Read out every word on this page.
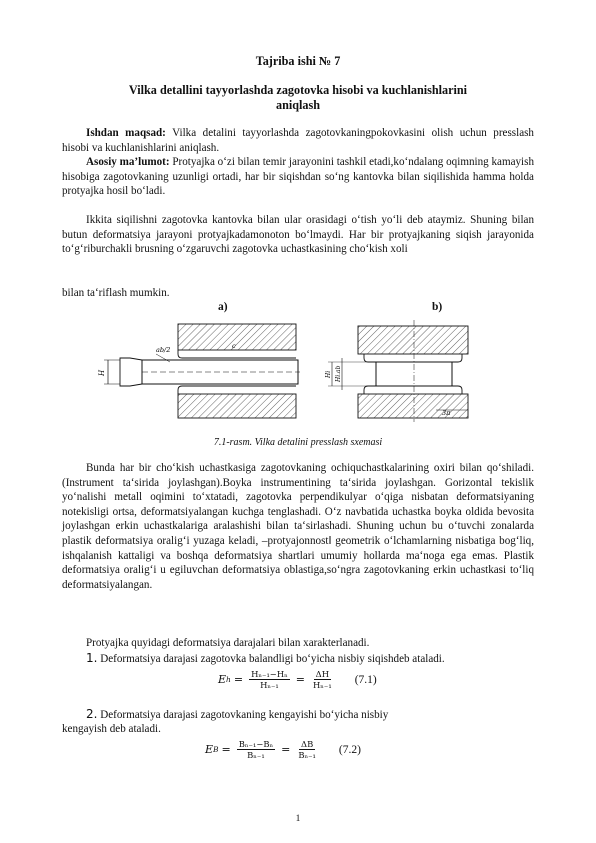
Tajriba ishi № 7
Vilka detallini tayyorlashda zagotovka hisobi va kuchlanishlarini
aniqlash

Ishdan maqsad: Vilka detalini tayyorlashda zagotovkaningpokovkasini olish uchun presslash hisobi va kuchlanishlarini aniqlash.

Asosiy ma’lumot: Protyajka o‘zi bilan temir jarayonini tashkil etadi,ko‘ndalang oqimning kamayish hisobiga zagotovkaning uzunligi ortadi, har bir siqishdan so‘ng kantovka bilan siqilishida hamma holda protyajka hosil bo‘ladi.

Ikkita siqilishni zagotovka kantovka bilan ular orasidagi o‘tish yo‘li deb ataymiz. Shuning bilan butun deformatsiya jarayoni protyajkadamonoton bo‘lmaydi. Har bir protyajkaning siqish jarayonida to‘g‘riburchakli brusning o‘zgaruvchi zagotovka uchastkasining cho‘kish xoli

bilan ta‘riflash mumkin.

a)	b)
H
ab/2	c
Hi Hi.ab
3π
7.1-rasm. Vilka detalini presslash sxemasi

Bunda har bir cho‘kish uchastkasiga zagotovkaning ochiquchastkalarining oxiri bilan qo‘shiladi. (Instrument ta‘sirida joylashgan).Boyka instrumentining ta‘sirida joylashgan. Gorizontal tekislik yo‘nalishi metall oqimini to‘xtatadi, zagotovka perpendikulyar o‘qiga nisbatan deformatsiyaning notekisligi ortsa, deformatsiyalangan kuchga tenglashadi. O‘z navbatida uchastka boyka oldida bevosita joylashgan erkin uchastkalariga aralashishi bilan ta‘sirlashadi. Shuning uchun bu o‘tuvchi zonalarda plastik deformatsiya oralig‘i yuzaga keladi, ‒protyajonnost‖ geometrik o‘lchamlarning nisbatiga bog‘liq, ishqalanish kattaligi va boshqa deformatsiya shartlari umumiy hollarda ma‘noga ega emas. Plastik deformatsiya oralig‘i u egiluvchan deformatsiya oblastiga,so‘ngra zagotovkaning erkin uchastkasi to‘liq deformatsiyalangan.

Protyajka quyidagi deformatsiya darajalari bilan xarakterlanadi.

1. Deformatsiya darajasi zagotovka balandligi bo‘yicha nisbiy siqishdeb ataladi.

E $h = \frac{\text{Hₙ₋₁−Hₙ}}{\text{Hₙ₋₁}} = \frac{\Delta H}{\text{Hₙ₋₁}} (7.1)$

2. Deformatsiya darajasi zagotovkaning kengayishi bo‘yicha nisbiy

kengayish deb ataladi.

E $B = \frac{\text{Bₙ₋₁−Bₙ}}{\text{Bₙ₋₁}} = \frac{\Delta B}{\text{Bₙ₋₁}} (7.2)$
1
